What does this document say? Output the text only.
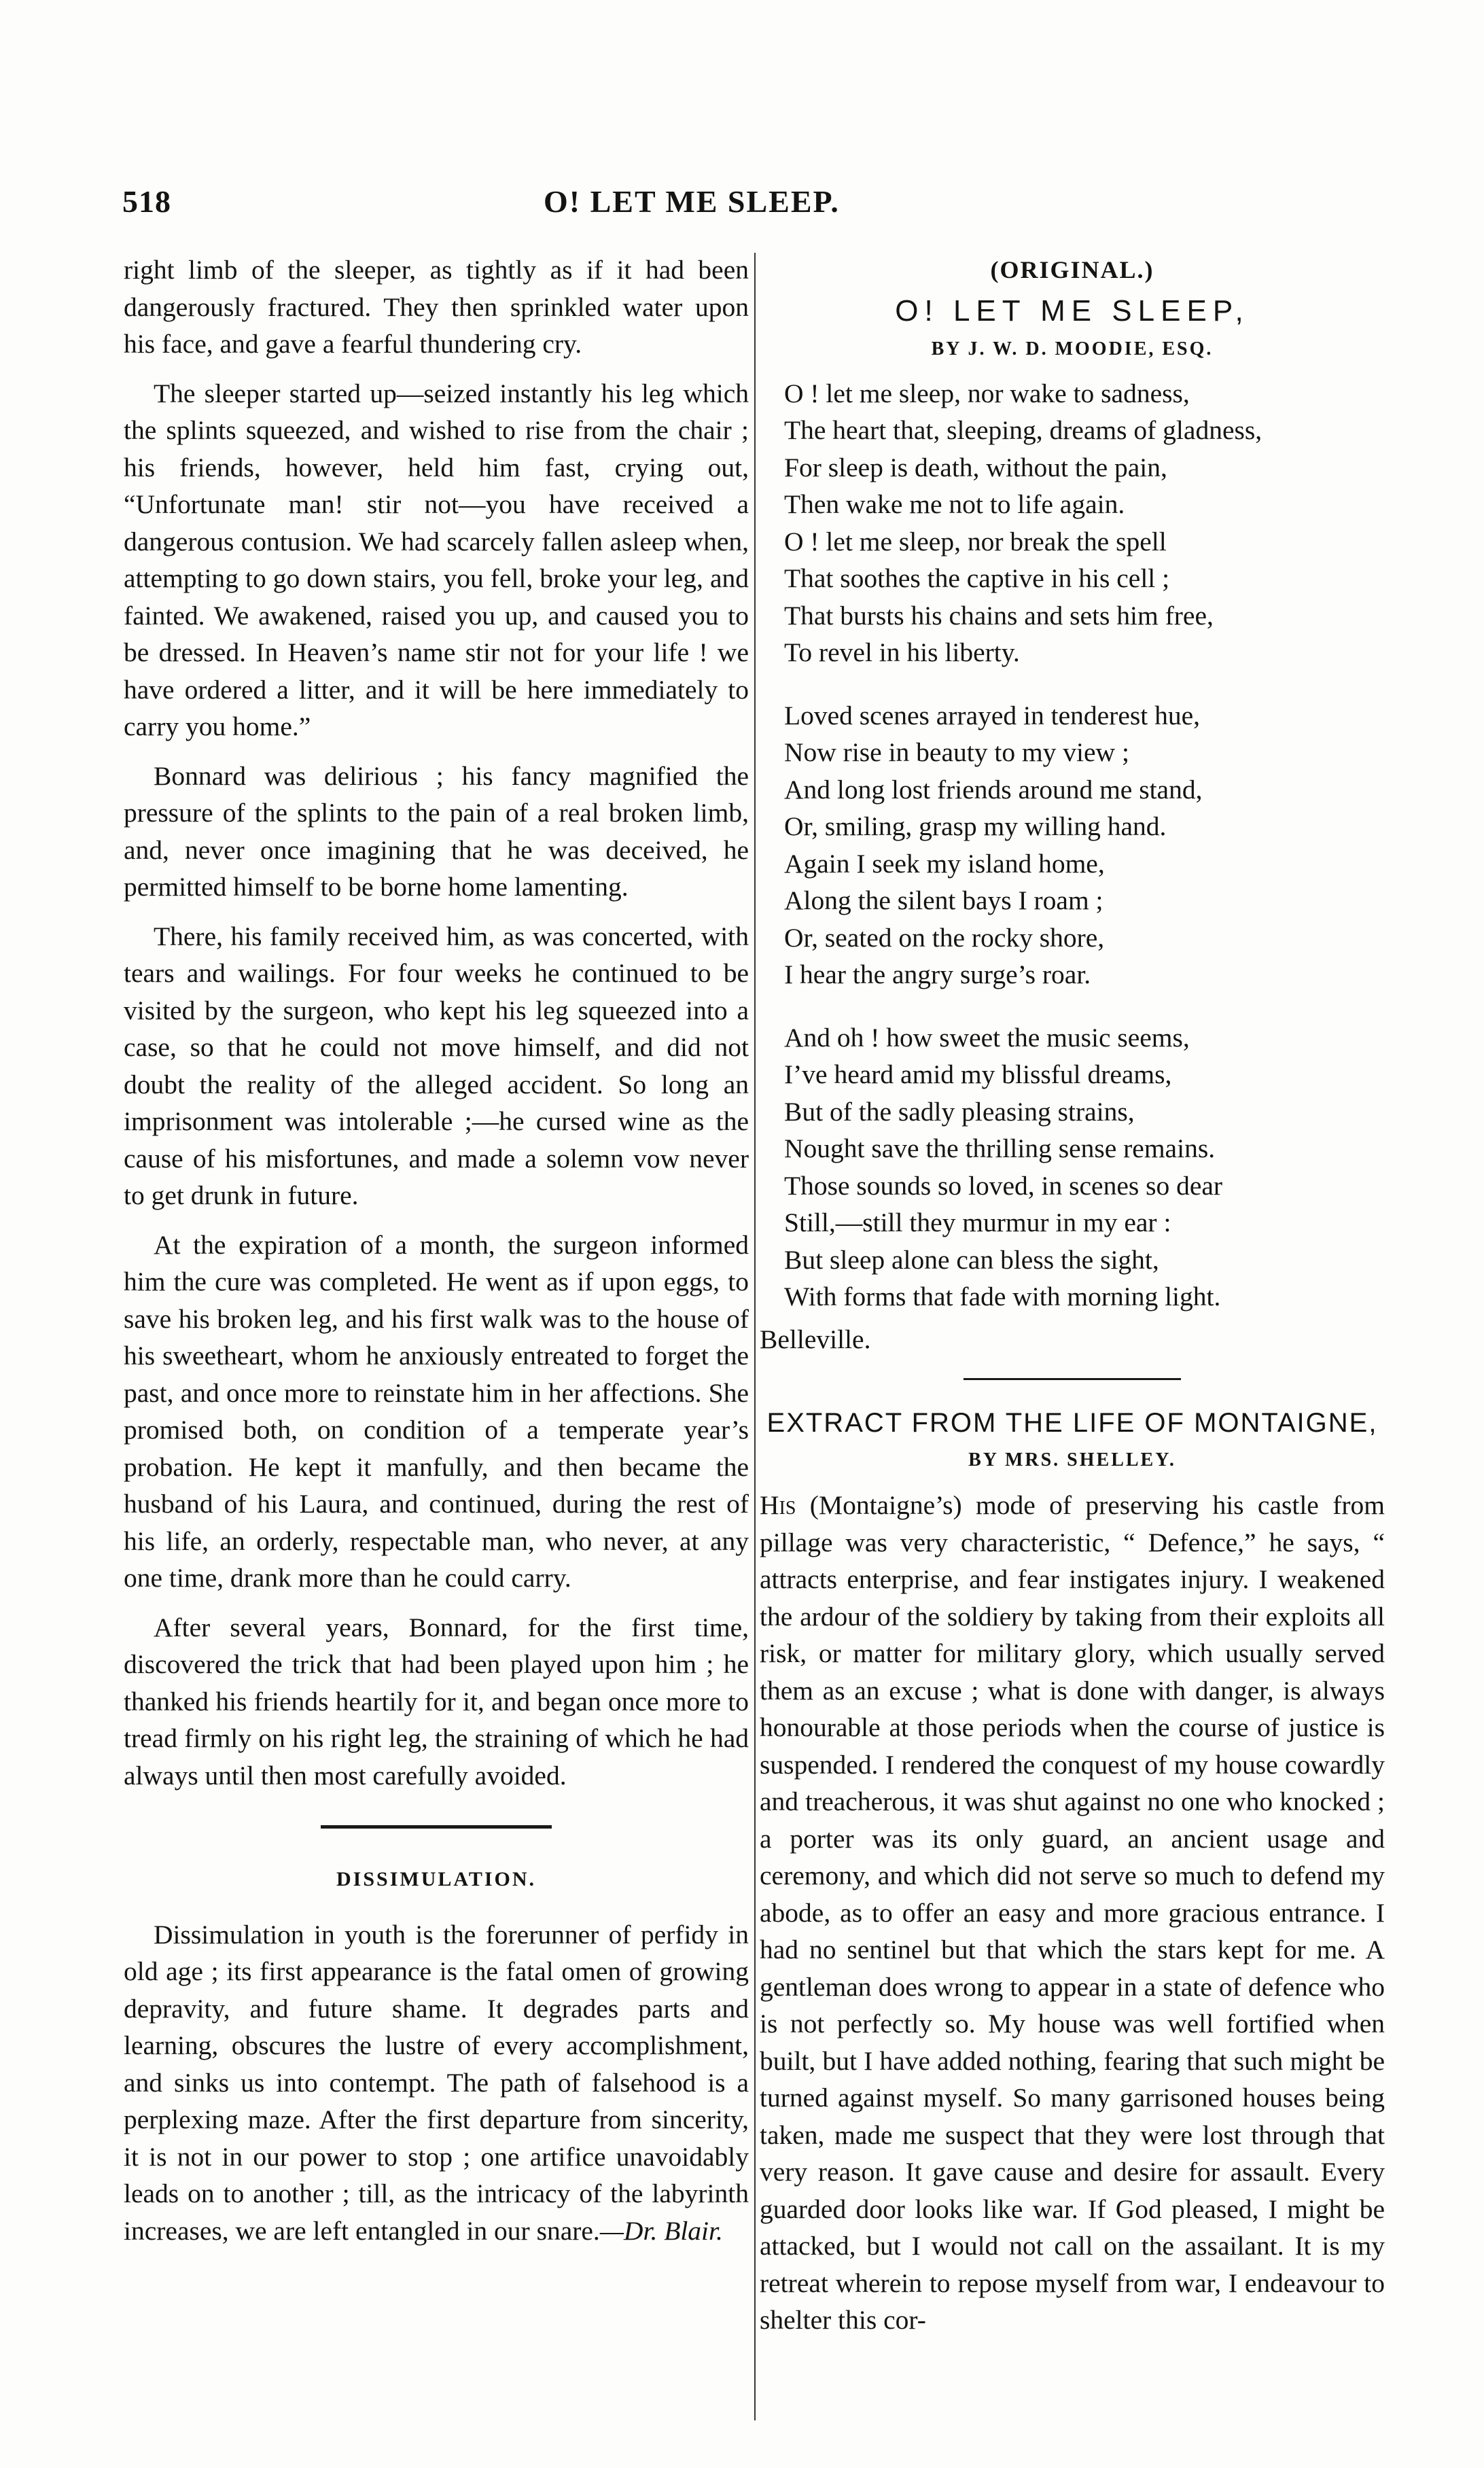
518	O! LET ME SLEEP.

right limb of the sleeper, as tightly as if it had been dangerously fractured. They then sprinkled water upon his face, and gave a fearful thundering cry.

The sleeper started up—seized instantly his leg which the splints squeezed, and wished to rise from the chair ; his friends, however, held him fast, crying out, “Unfortunate man! stir not—you have received a dangerous contusion. We had scarcely fallen asleep when, attempting to go down stairs, you fell, broke your leg, and fainted. We awakened, raised you up, and caused you to be dressed. In Heaven’s name stir not for your life ! we have ordered a litter, and it will be here immediately to carry you home.”

Bonnard was delirious ; his fancy magnified the pressure of the splints to the pain of a real broken limb, and, never once imagining that he was deceived, he permitted himself to be borne home lamenting.

There, his family received him, as was concerted, with tears and wailings. For four weeks he continued to be visited by the surgeon, who kept his leg squeezed into a case, so that he could not move himself, and did not doubt the reality of the alleged accident. So long an imprisonment was intolerable ;—he cursed wine as the cause of his misfortunes, and made a solemn vow never to get drunk in future.

At the expiration of a month, the surgeon informed him the cure was completed. He went as if upon eggs, to save his broken leg, and his first walk was to the house of his sweetheart, whom he anxiously entreated to forget the past, and once more to reinstate him in her affections. She promised both, on condition of a temperate year’s probation. He kept it manfully, and then became the husband of his Laura, and continued, during the rest of his life, an orderly, respectable man, who never, at any one time, drank more than he could carry.

After several years, Bonnard, for the first time, discovered the trick that had been played upon him ; he thanked his friends heartily for it, and began once more to tread firmly on his right leg, the straining of which he had always until then most carefully avoided.

DISSIMULATION.

Dissimulation in youth is the forerunner of perfidy in old age ; its first appearance is the fatal omen of growing depravity, and future shame. It degrades parts and learning, obscures the lustre of every accomplishment, and sinks us into contempt. The path of falsehood is a perplexing maze. After the first departure from sincerity, it is not in our power to stop ; one artifice unavoidably leads on to another ; till, as the intricacy of the labyrinth increases, we are left entangled in our snare.—Dr. Blair.

(ORIGINAL.)
O! LET ME SLEEP,
BY J. W. D. MOODIE, ESQ.
O ! let me sleep, nor wake to sadness,
The heart that, sleeping, dreams of gladness,
For sleep is death, without the pain,
Then wake me not to life again.
O ! let me sleep, nor break the spell
That soothes the captive in his cell ;
That bursts his chains and sets him free,
To revel in his liberty.
Loved scenes arrayed in tenderest hue,
Now rise in beauty to my view ;
And long lost friends around me stand,
Or, smiling, grasp my willing hand.
Again I seek my island home,
Along the silent bays I roam ;
Or, seated on the rocky shore,
I hear the angry surge’s roar.
And oh ! how sweet the music seems,
I’ve heard amid my blissful dreams,
But of the sadly pleasing strains,
Nought save the thrilling sense remains.
Those sounds so loved, in scenes so dear
Still,—still they murmur in my ear :
But sleep alone can bless the sight,
With forms that fade with morning light.

Belleville.

EXTRACT FROM THE LIFE OF MONTAIGNE,
BY MRS. SHELLEY.

His (Montaigne’s) mode of preserving his castle from pillage was very characteristic, “ Defence,” he says, “ attracts enterprise, and fear instigates injury. I weakened the ardour of the soldiery by taking from their exploits all risk, or matter for military glory, which usually served them as an excuse ; what is done with danger, is always honourable at those periods when the course of justice is suspended. I rendered the conquest of my house cowardly and treacherous, it was shut against no one who knocked ; a porter was its only guard, an ancient usage and ceremony, and which did not serve so much to defend my abode, as to offer an easy and more gracious entrance. I had no sentinel but that which the stars kept for me. A gentleman does wrong to appear in a state of defence who is not perfectly so. My house was well fortified when built, but I have added nothing, fearing that such might be turned against myself. So many garrisoned houses being taken, made me suspect that they were lost through that very reason. It gave cause and desire for assault. Every guarded door looks like war. If God pleased, I might be attacked, but I would not call on the assailant. It is my retreat wherein to repose myself from war, I endeavour to shelter this cor-
